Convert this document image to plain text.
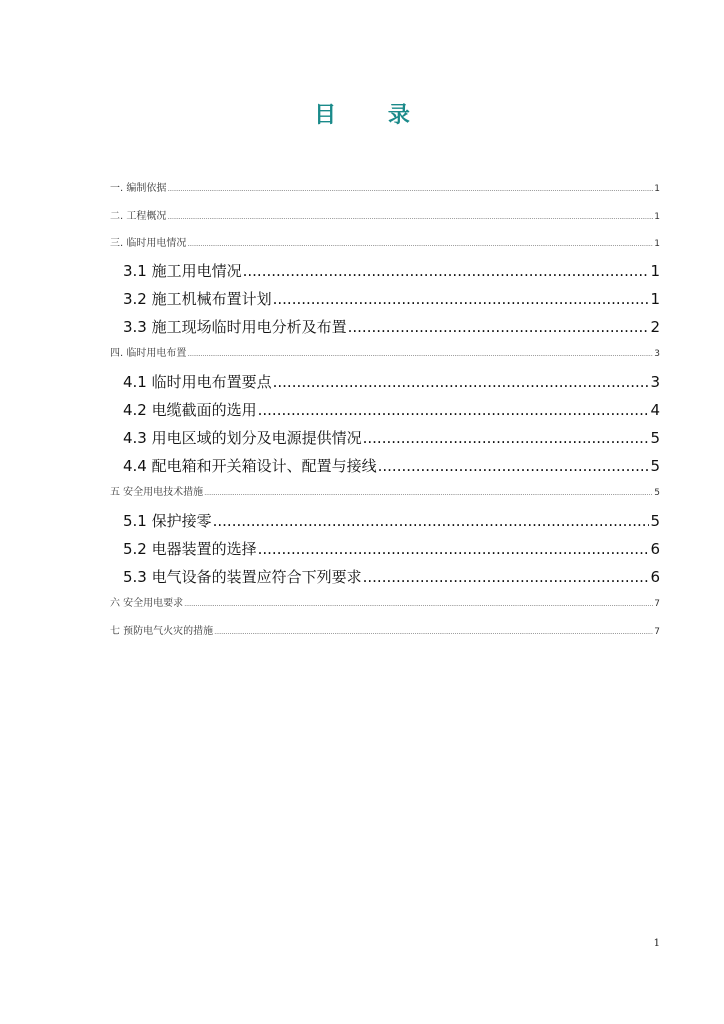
目 录
一. 编制依据 .....	1
二. 工程概况 .....	1
三. 临时用电情况 .....	1
3.1 施工用电情况 .....	1
3.2 施工机械布置计划 .....	1
3.3 施工现场临时用电分析及布置 .....	2
四. 临时用电布置 .....	3
4.1 临时用电布置要点 .....	3
4.2 电缆截面的选用 .....	4
4.3 用电区域的划分及电源提供情况 .....	5
4.4 配电箱和开关箱设计、配置与接线 .....	5
五 安全用电技术措施 .....	5
5.1 保护接零 .....	5
5.2 电器装置的选择 .....	6
5.3 电气设备的装置应符合下列要求 .....	6
六 安全用电要求 .....	7
七 预防电气火灾的措施 .....	7
1
